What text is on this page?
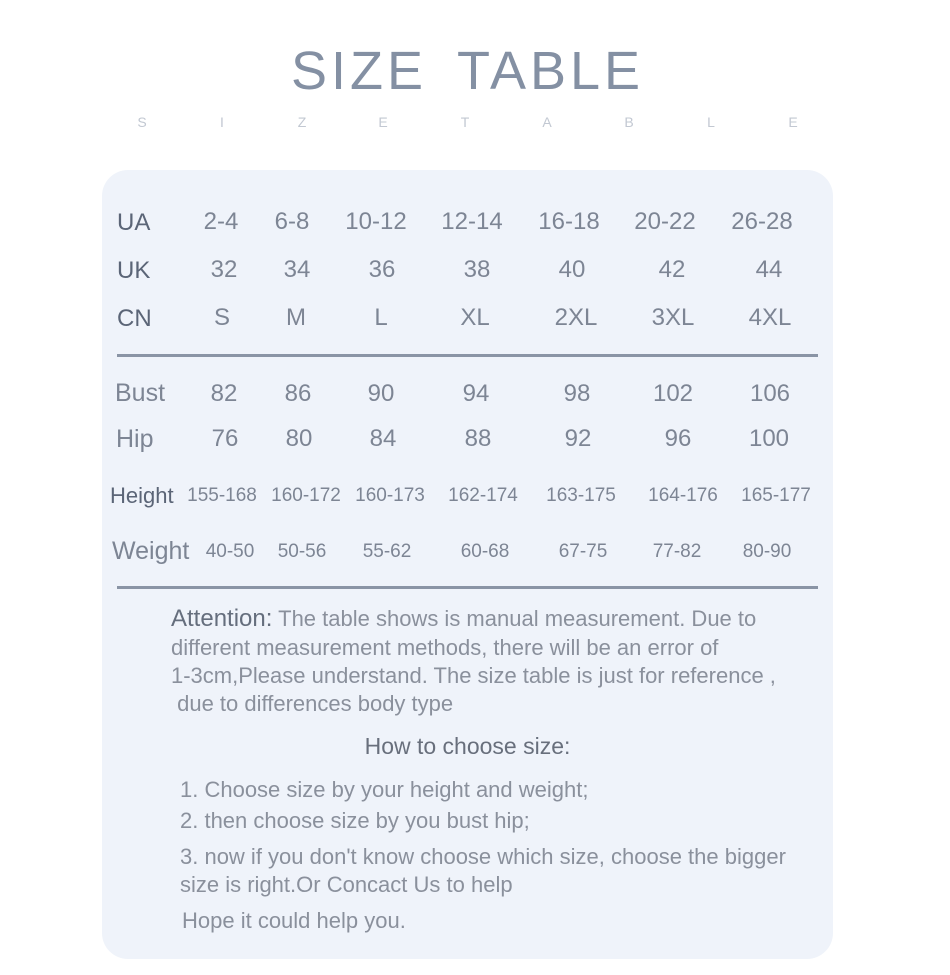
SIZE TABLE
S	I	Z	E	T	A	B	L	E
UA 2-4 6-8 10-12 12-14 16-18 20-22 26-28
UK	32 34 36	38	40	42	44
CN	S M	L	XL	2XL 3XL 4XL
Bust 82 86 90	94	98	102 106
Hip 76 80 84	88	92	96 100
Height 155-168 160-172 160-173 162-174 163-175 164-176 165-177
Weight 40-50 50-56 55-62	60-68	67-75 77-82 80-90
Attention: The table shows is manual measurement. Due to
different measurement methods, there will be an error of
1-3cm,Please understand. The size table is just for reference ,
due to differences body type
How to choose size:
1. Choose size by your height and weight;
2. then choose size by you bust hip;
3. now if you don't know choose which size, choose the bigger
size is right.Or Concact Us to help
Hope it could help you.
